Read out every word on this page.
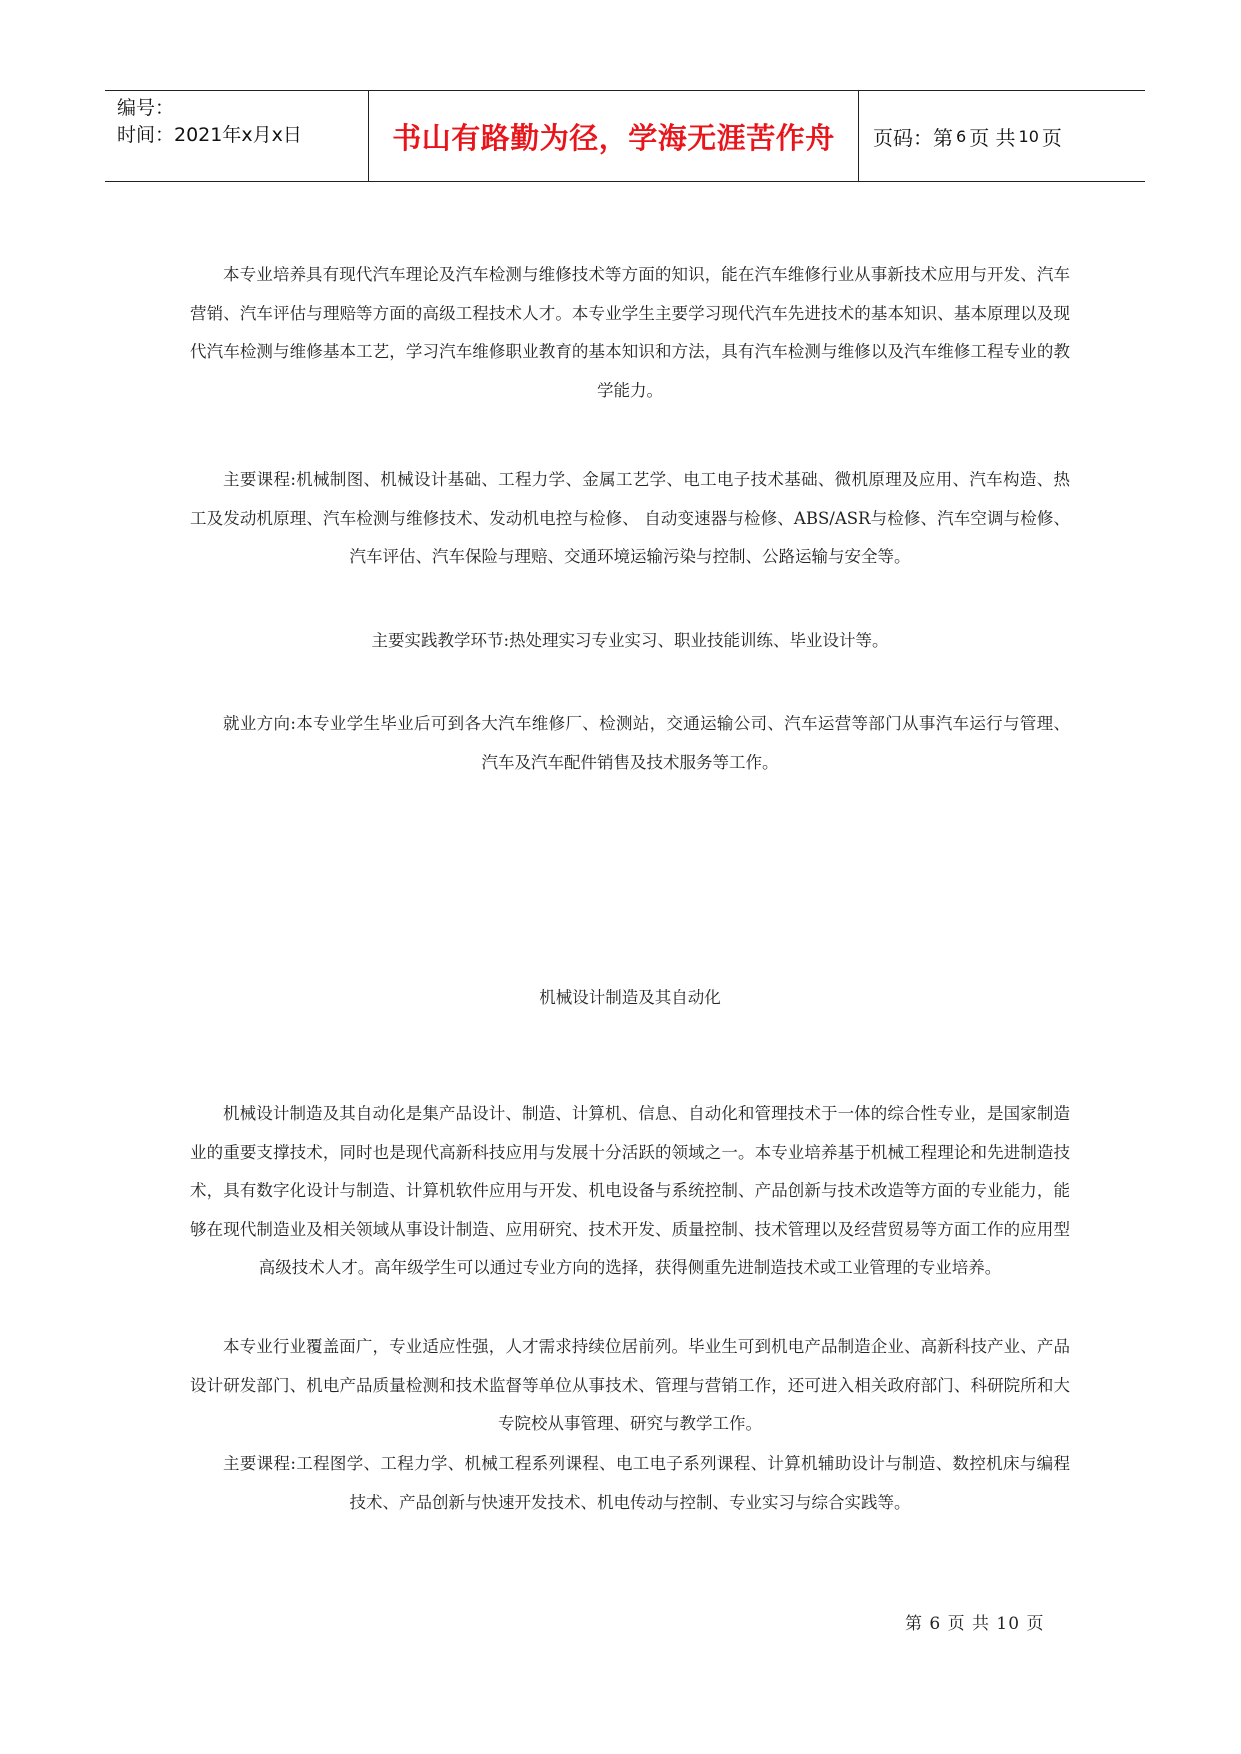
编号：
时间：2021年x月x日	书山有路勤为径，学海无涯苦作舟	页码：第 6 页 共 10 页

本专业培养具有现代汽车理论及汽车检测与维修技术等方面的知识，能在汽车维修行业从事新技术应用与开发、汽车营销、汽车评估与理赔等方面的高级工程技术人才。本专业学生主要学习现代汽车先进技术的基本知识、基本原理以及现代汽车检测与维修基本工艺，学习汽车维修职业教育的基本知识和方法，具有汽车检测与维修以及汽车维修工程专业的教学能力。

主要课程:机械制图、机械设计基础、工程力学、金属工艺学、电工电子技术基础、微机原理及应用、汽车构造、热工及发动机原理、汽车检测与维修技术、发动机电控与检修、 自动变速器与检修、ABS/ASR与检修、汽车空调与检修、汽车评估、汽车保险与理赔、交通环境运输污染与控制、公路运输与安全等。

主要实践教学环节:热处理实习专业实习、职业技能训练、毕业设计等。

就业方向:本专业学生毕业后可到各大汽车维修厂、检测站，交通运输公司、汽车运营等部门从事汽车运行与管理、汽车及汽车配件销售及技术服务等工作。

机械设计制造及其自动化

机械设计制造及其自动化是集产品设计、制造、计算机、信息、自动化和管理技术于一体的综合性专业，是国家制造业的重要支撑技术，同时也是现代高新科技应用与发展十分活跃的领域之一。本专业培养基于机械工程理论和先进制造技术，具有数字化设计与制造、计算机软件应用与开发、机电设备与系统控制、产品创新与技术改造等方面的专业能力，能够在现代制造业及相关领域从事设计制造、应用研究、技术开发、质量控制、技术管理以及经营贸易等方面工作的应用型高级技术人才。高年级学生可以通过专业方向的选择，获得侧重先进制造技术或工业管理的专业培养。

本专业行业覆盖面广，专业适应性强，人才需求持续位居前列。毕业生可到机电产品制造企业、高新科技产业、产品设计研发部门、机电产品质量检测和技术监督等单位从事技术、管理与营销工作，还可进入相关政府部门、科研院所和大专院校从事管理、研究与教学工作。

主要课程:工程图学、工程力学、机械工程系列课程、电工电子系列课程、计算机辅助设计与制造、数控机床与编程技术、产品创新与快速开发技术、机电传动与控制、专业实习与综合实践等。

第 6 页 共 10 页
